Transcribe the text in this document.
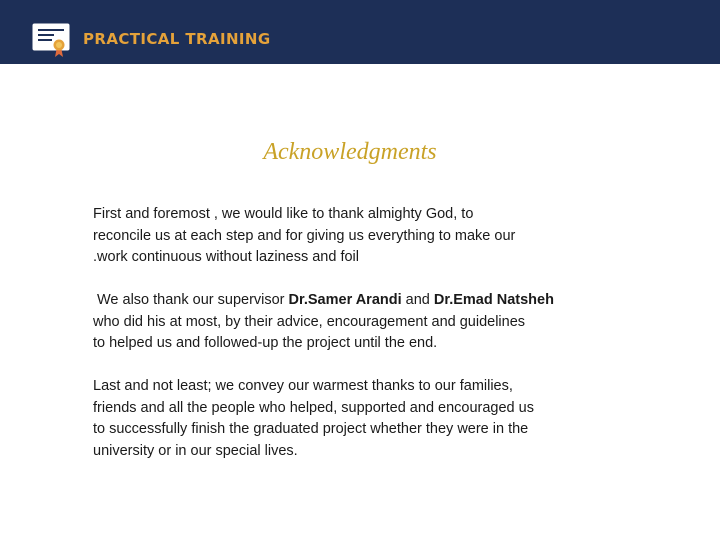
PRACTICAL TRAINING
Acknowledgments

First and foremost , we would like to thank almighty God, to
reconcile us at each step and for giving us everything to make our
.work continuous without laziness and foil

We also thank our supervisor Dr.Samer Arandi and Dr.Emad Natsheh
who did his at most, by their advice, encouragement and guidelines
to helped us and followed-up the project until the end.

Last and not least; we convey our warmest thanks to our families,
friends and all the people who helped, supported and encouraged us
to successfully finish the graduated project whether they were in the
university or in our special lives.
